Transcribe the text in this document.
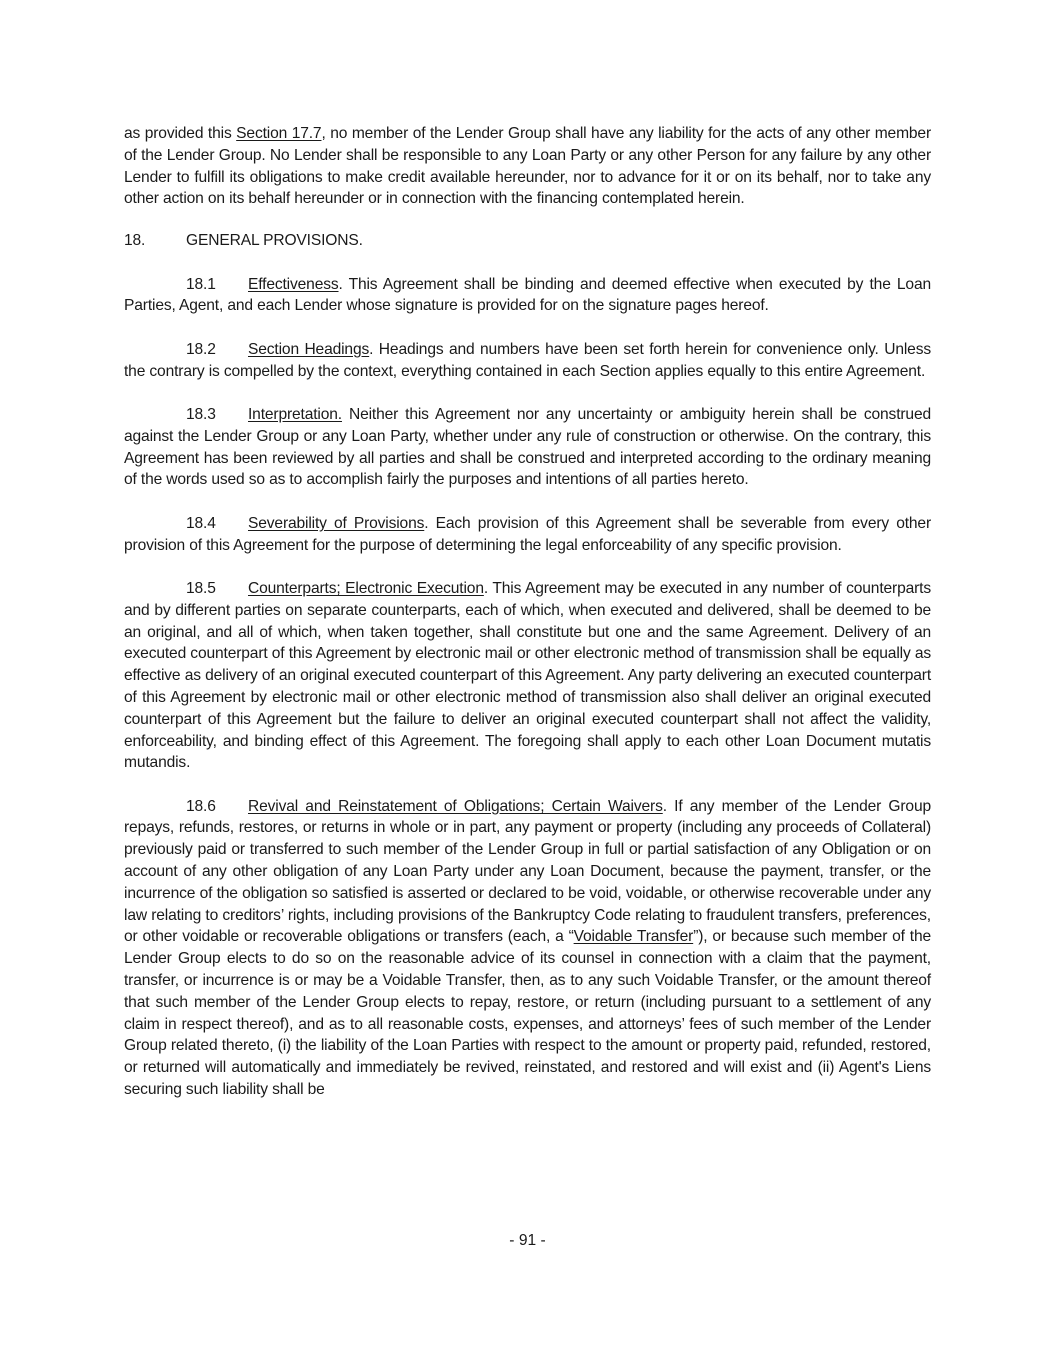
as provided this Section 17.7, no member of the Lender Group shall have any liability for the acts of any other member of the Lender Group. No Lender shall be responsible to any Loan Party or any other Person for any failure by any other Lender to fulfill its obligations to make credit available hereunder, nor to advance for it or on its behalf, nor to take any other action on its behalf hereunder or in connection with the financing contemplated herein.

18.	GENERAL PROVISIONS.

18.1 Effectiveness. This Agreement shall be binding and deemed effective when executed by the Loan Parties, Agent, and each Lender whose signature is provided for on the signature pages hereof.

18.2 Section Headings. Headings and numbers have been set forth herein for convenience only. Unless the contrary is compelled by the context, everything contained in each Section applies equally to this entire Agreement.

18.3 Interpretation. Neither this Agreement nor any uncertainty or ambiguity herein shall be construed against the Lender Group or any Loan Party, whether under any rule of construction or otherwise. On the contrary, this Agreement has been reviewed by all parties and shall be construed and interpreted according to the ordinary meaning of the words used so as to accomplish fairly the purposes and intentions of all parties hereto.

18.4 Severability of Provisions. Each provision of this Agreement shall be severable from every other provision of this Agreement for the purpose of determining the legal enforceability of any specific provision.

18.5 Counterparts; Electronic Execution. This Agreement may be executed in any number of counterparts and by different parties on separate counterparts, each of which, when executed and delivered, shall be deemed to be an original, and all of which, when taken together, shall constitute but one and the same Agreement. Delivery of an executed counterpart of this Agreement by electronic mail or other electronic method of transmission shall be equally as effective as delivery of an original executed counterpart of this Agreement. Any party delivering an executed counterpart of this Agreement by electronic mail or other electronic method of transmission also shall deliver an original executed counterpart of this Agreement but the failure to deliver an original executed counterpart shall not affect the validity, enforceability, and binding effect of this Agreement. The foregoing shall apply to each other Loan Document mutatis mutandis.

18.6 Revival and Reinstatement of Obligations; Certain Waivers. If any member of the Lender Group repays, refunds, restores, or returns in whole or in part, any payment or property (including any proceeds of Collateral) previously paid or transferred to such member of the Lender Group in full or partial satisfaction of any Obligation or on account of any other obligation of any Loan Party under any Loan Document, because the payment, transfer, or the incurrence of the obligation so satisfied is asserted or declared to be void, voidable, or otherwise recoverable under any law relating to creditors’ rights, including provisions of the Bankruptcy Code relating to fraudulent transfers, preferences, or other voidable or recoverable obligations or transfers (each, a “Voidable Transfer”), or because such member of the Lender Group elects to do so on the reasonable advice of its counsel in connection with a claim that the payment, transfer, or incurrence is or may be a Voidable Transfer, then, as to any such Voidable Transfer, or the amount thereof that such member of the Lender Group elects to repay, restore, or return (including pursuant to a settlement of any claim in respect thereof), and as to all reasonable costs, expenses, and attorneys’ fees of such member of the Lender Group related thereto, (i) the liability of the Loan Parties with respect to the amount or property paid, refunded, restored, or returned will automatically and immediately be revived, reinstated, and restored and will exist and (ii) Agent's Liens securing such liability shall be

- 91 -
